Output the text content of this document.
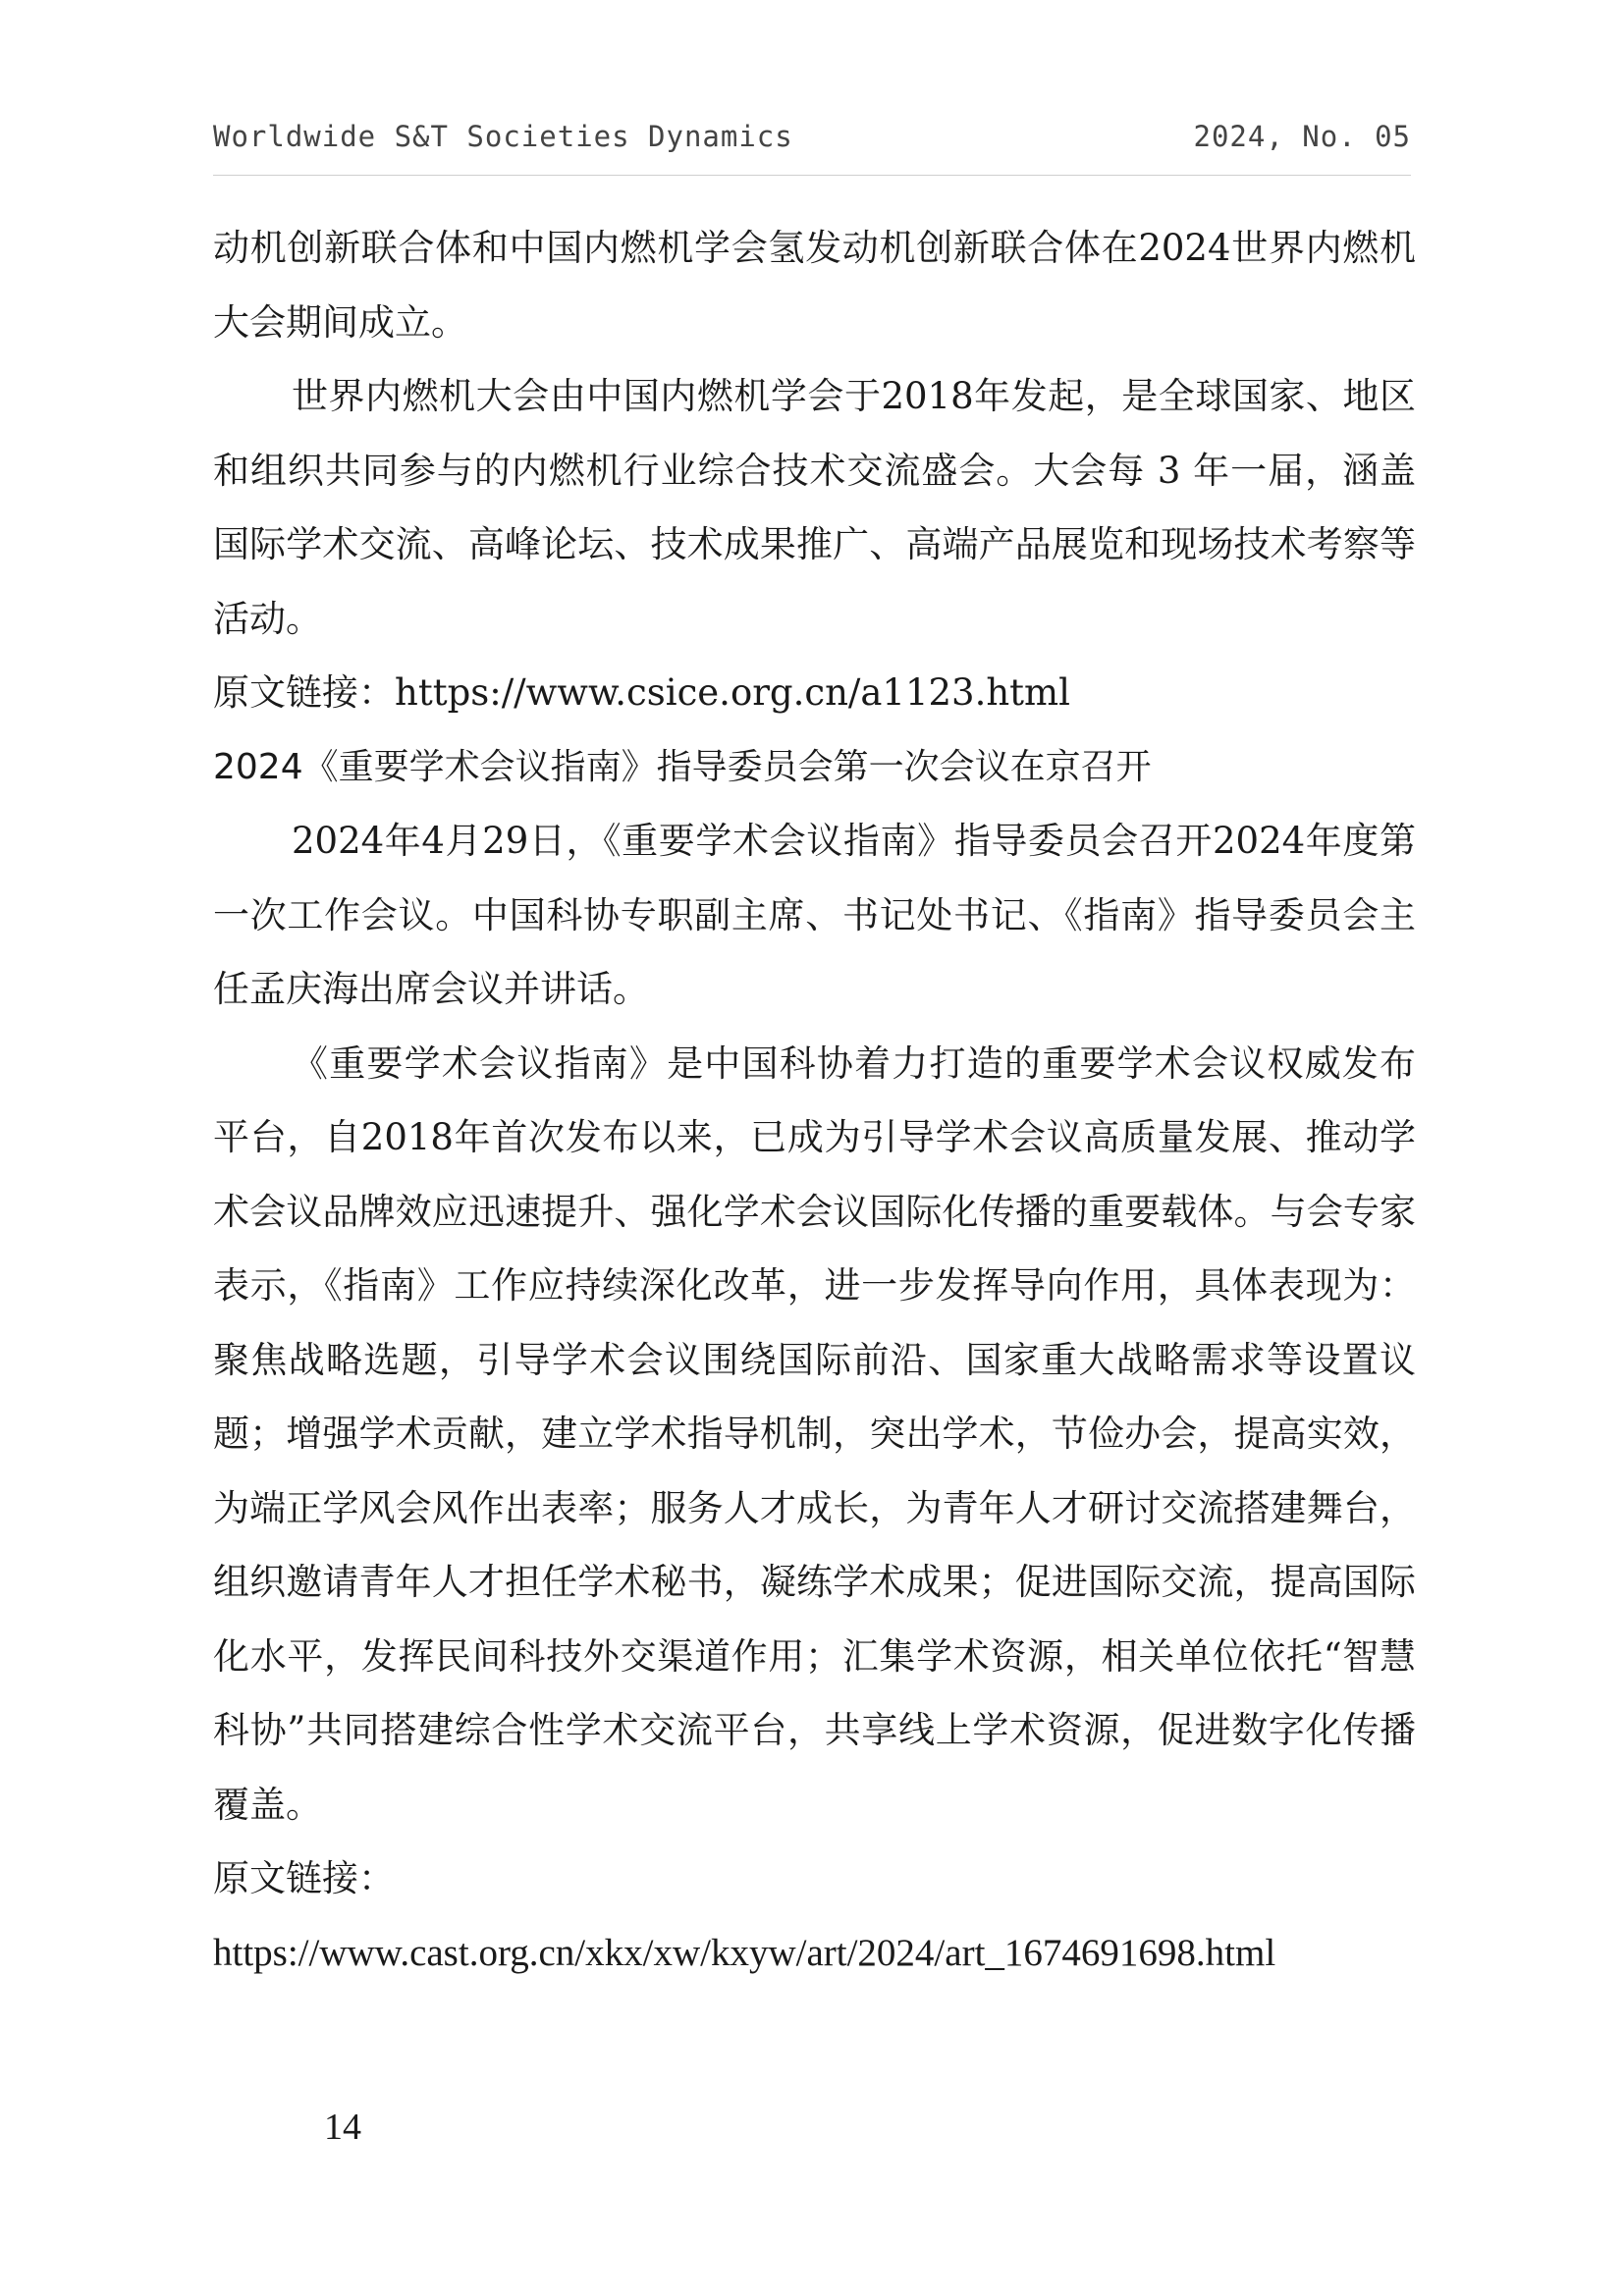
Worldwide S&T Societies Dynamics	2024, No. 05

动机创新联合体和中国内燃机学会氢发动机创新联合体在2024世界内燃机大会期间成立。

世界内燃机大会由中国内燃机学会于2018年发起，是全球国家、地区和组织共同参与的内燃机行业综合技术交流盛会。大会每 3 年一届，涵盖国际学术交流、高峰论坛、技术成果推广、高端产品展览和现场技术考察等活动。

原文链接：https://www.csice.org.cn/a1123.html

2024《重要学术会议指南》指导委员会第一次会议在京召开

2024年4月29日，《重要学术会议指南》指导委员会召开2024年度第一次工作会议。中国科协专职副主席、书记处书记、《指南》指导委员会主任孟庆海出席会议并讲话。

《重要学术会议指南》是中国科协着力打造的重要学术会议权威发布平台，自2018年首次发布以来，已成为引导学术会议高质量发展、推动学术会议品牌效应迅速提升、强化学术会议国际化传播的重要载体。与会专家表示，《指南》工作应持续深化改革，进一步发挥导向作用，具体表现为：聚焦战略选题，引导学术会议围绕国际前沿、国家重大战略需求等设置议题；增强学术贡献，建立学术指导机制，突出学术，节俭办会，提高实效，为端正学风会风作出表率；服务人才成长，为青年人才研讨交流搭建舞台，组织邀请青年人才担任学术秘书，凝练学术成果；促进国际交流，提高国际化水平，发挥民间科技外交渠道作用；汇集学术资源，相关单位依托“智慧科协”共同搭建综合性学术交流平台，共享线上学术资源，促进数字化传播覆盖。

原文链接：

https://www.cast.org.cn/xkx/xw/kxyw/art/2024/art_1674691698.html

14
